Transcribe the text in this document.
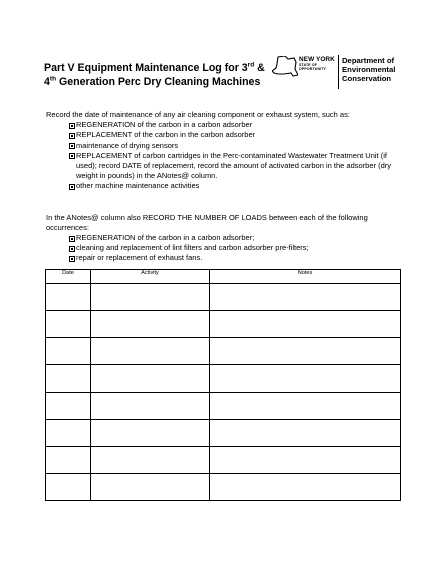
Part V Equipment Maintenance Log for 3rd &
4th Generation Perc Dry Cleaning Machines
NEW YORK
STATE OF
OPPORTUNITY
Department of
Environmental
Conservation

Record the date of maintenance of any air cleaning component or exhaust system, such as:

REGENERATION of the carbon in a carbon adsorber
REPLACEMENT of the carbon in the carbon adsorber
maintenance of drying sensors
REPLACEMENT of carbon cartridges in the Perc-contaminated Wastewater Treatment Unit (if used); record DATE of replacement, record the amount of activated carbon in the adsorber (dry weight in pounds) in the ANotes@ column.
other machine maintenance activities

In the ANotes@ column also RECORD THE NUMBER OF LOADS between each of the following occurrences:

REGENERATION of the carbon in a carbon adsorber;
cleaning and replacement of lint filters and carbon adsorber pre-filters;
repair or replacement of exhaust fans.
Date	Activity	Notes
